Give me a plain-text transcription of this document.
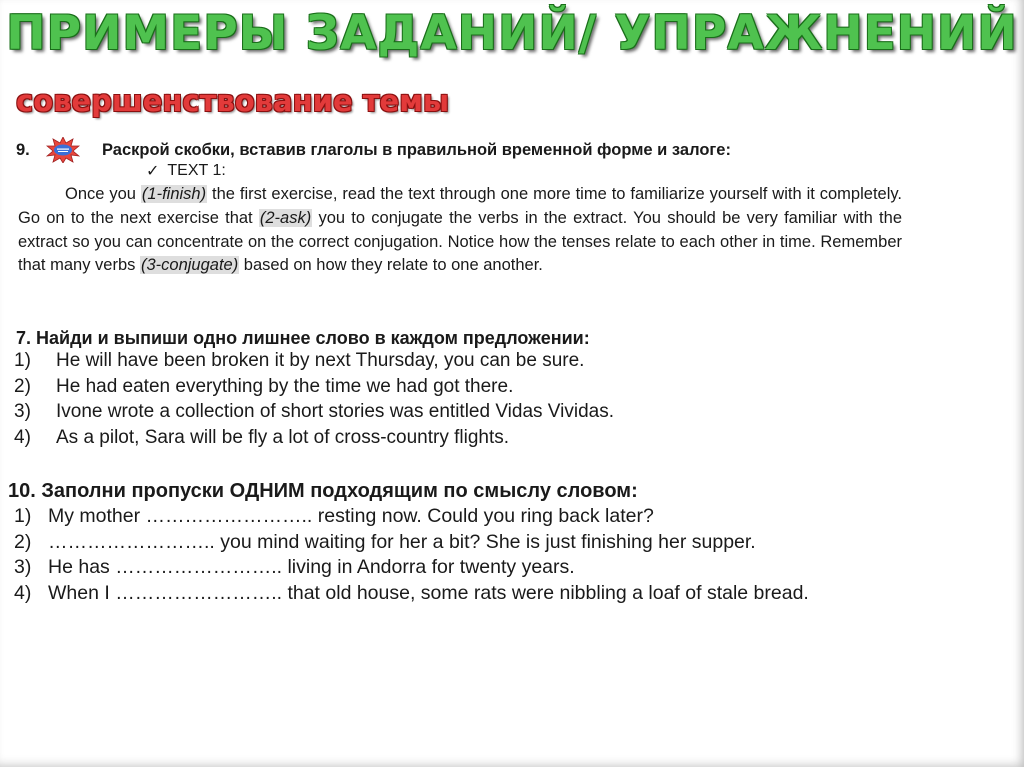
ПРИМЕРЫ ЗАДАНИЙ/ УПРАЖНЕНИЙ
совершенствование темы
9.	Раскрой скобки, вставив глаголы в правильной временной форме и залоге:
✓ TEXT 1:
Once you (1-finish) the first exercise, read the text through one more time to familiarize yourself with it completely. Go on to the next exercise that (2-ask) you to conjugate the verbs in the extract. You should be very familiar with the extract so you can concentrate on the correct conjugation. Notice how the tenses relate to each other in time. Remember that many verbs (3-conjugate) based on how they relate to one another.
7. Найди и выпиши одно лишнее слово в каждом предложении:
1)	He will have been broken it by next Thursday, you can be sure.
2)	He had eaten everything by the time we had got there.
3)	Ivone wrote a collection of short stories was entitled Vidas Vividas.
4)	As a pilot, Sara will be fly a lot of cross-country flights.
10. Заполни пропуски ОДНИМ подходящим по смыслу словом:
1) My mother …………………….. resting now. Could you ring back later?
2) …………………….. you mind waiting for her a bit? She is just finishing her supper.
3) He has …………………….. living in Andorra for twenty years.
4) When I …………………….. that old house, some rats were nibbling a loaf of stale bread.
